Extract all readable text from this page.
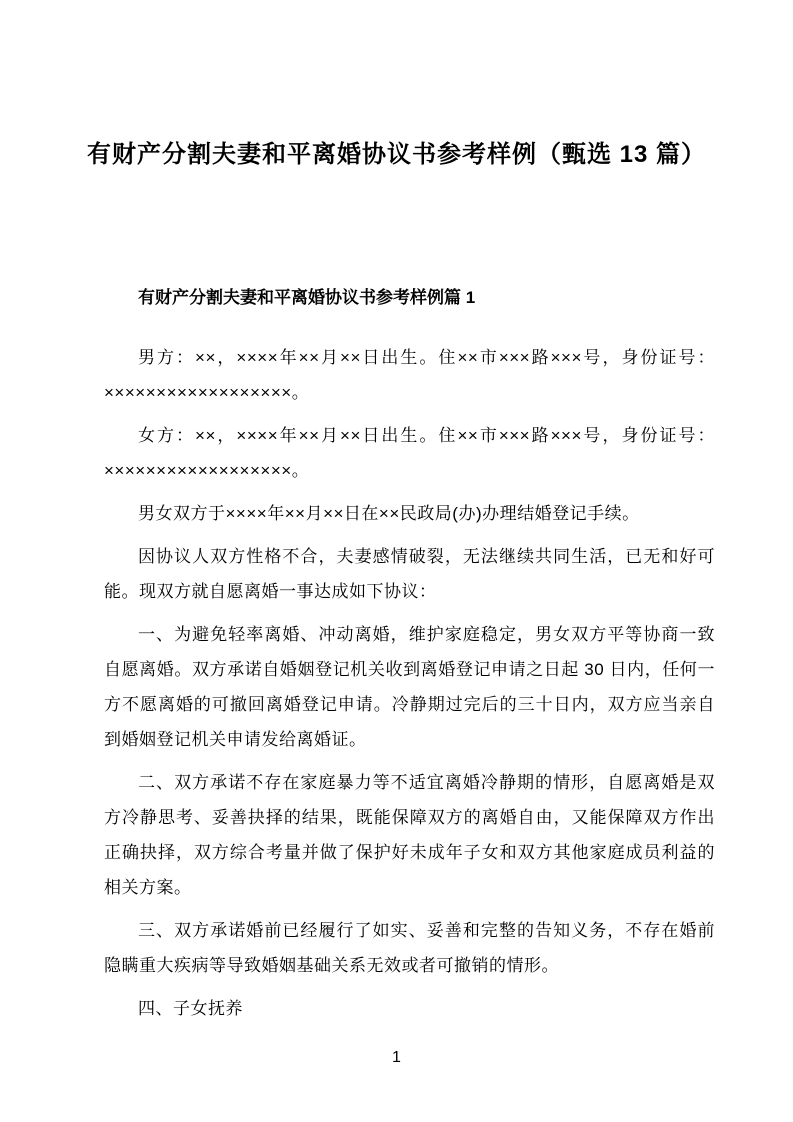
有财产分割夫妻和平离婚协议书参考样例（甄选 13 篇）
有财产分割夫妻和平离婚协议书参考样例篇 1

男方：××，××××年××月××日出生。住××市×××路×××号，身份证号：××××××××××××××××××。

女方：××，××××年××月××日出生。住××市×××路×××号，身份证号：××××××××××××××××××。

男女双方于××××年××月××日在××民政局(办)办理结婚登记手续。

因协议人双方性格不合，夫妻感情破裂，无法继续共同生活，已无和好可能。现双方就自愿离婚一事达成如下协议：

一、为避免轻率离婚、冲动离婚，维护家庭稳定，男女双方平等协商一致自愿离婚。双方承诺自婚姻登记机关收到离婚登记申请之日起 30 日内，任何一方不愿离婚的可撤回离婚登记申请。冷静期过完后的三十日内，双方应当亲自到婚姻登记机关申请发给离婚证。

二、双方承诺不存在家庭暴力等不适宜离婚冷静期的情形，自愿离婚是双方冷静思考、妥善抉择的结果，既能保障双方的离婚自由，又能保障双方作出正确抉择，双方综合考量并做了保护好未成年子女和双方其他家庭成员利益的相关方案。

三、双方承诺婚前已经履行了如实、妥善和完整的告知义务，不存在婚前隐瞒重大疾病等导致婚姻基础关系无效或者可撤销的情形。

四、子女抚养

1
